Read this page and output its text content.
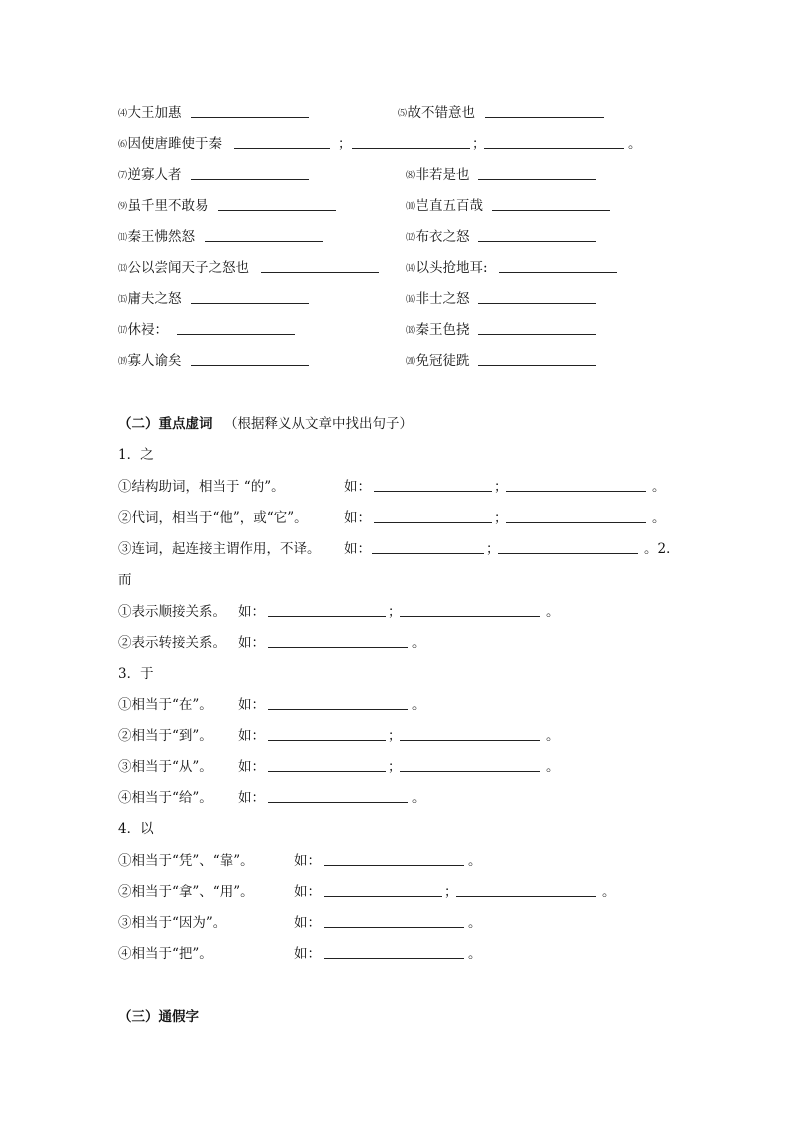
⑷大王加惠	⑸故不错意也
⑹因使唐雎使于秦	；	；	。
⑺逆寡人者	⑻非若是也
⑼虽千里不敢易	⑽岂直五百哉
⑾秦王怫然怒	⑿布衣之怒
⒀公以尝闻天子之怒也	⒁以头抢地耳:
⒂庸夫之怒	⒃非士之怒
⒄休祲：	⒅秦王色挠
⒆寡人谕矣	⒇免冠徒跣
（二）重点虚词 （根据释义从文章中找出句子）
1．之
①结构助词，相当于 “的”。	如：	；	。
②代词，相当于“他”，或“它”。	如：	；	。
③连词，起连接主谓作用，不译。 如：	；	。2．
而
①表示顺接关系。 如：	；	。
②表示转接关系。 如：	。
3．于
①相当于“在”。 如：	。
②相当于“到”。 如：	；	。
③相当于“从”。 如：	；	。
④相当于“给”。 如：	。
4．以
①相当于“凭”、“靠”。	如：	。
②相当于“拿”、“用”。	如：	；	。
③相当于“因为”。	如：	。
④相当于“把”。	如：	。
（三）通假字
